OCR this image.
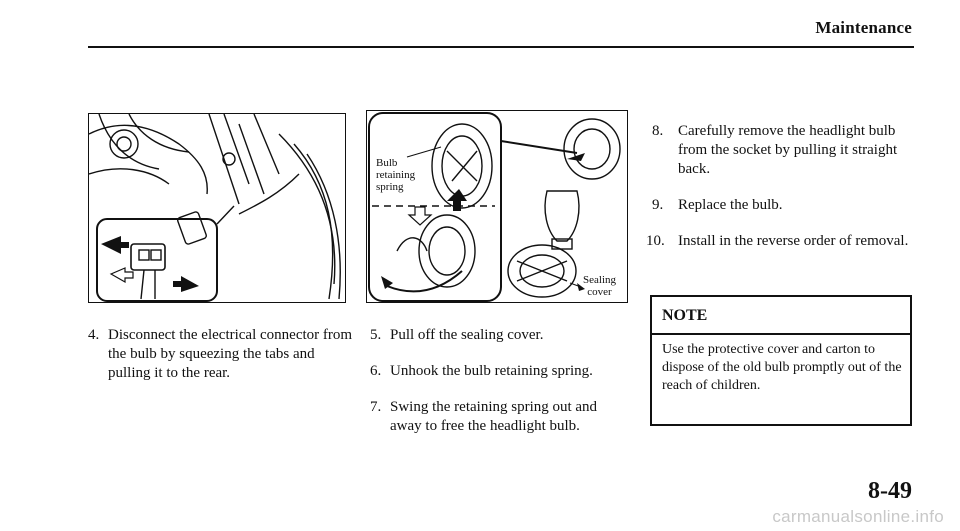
Maintenance
Bulb
retaining
spring
Sealing
cover
4. Disconnect the electrical connector from the bulb by squeezing the tabs and pulling it to the rear.
5. Pull off the sealing cover.
6. Unhook the bulb retaining spring.
7. Swing the retaining spring out and away to free the headlight bulb.
8. Carefully remove the headlight bulb from the socket by pulling it straight back.
9. Replace the bulb.
10. Install in the reverse order of removal.
NOTE
Use the protective cover and carton to dispose of the old bulb promptly out of the reach of children.
8-49
carmanualsonline.info
